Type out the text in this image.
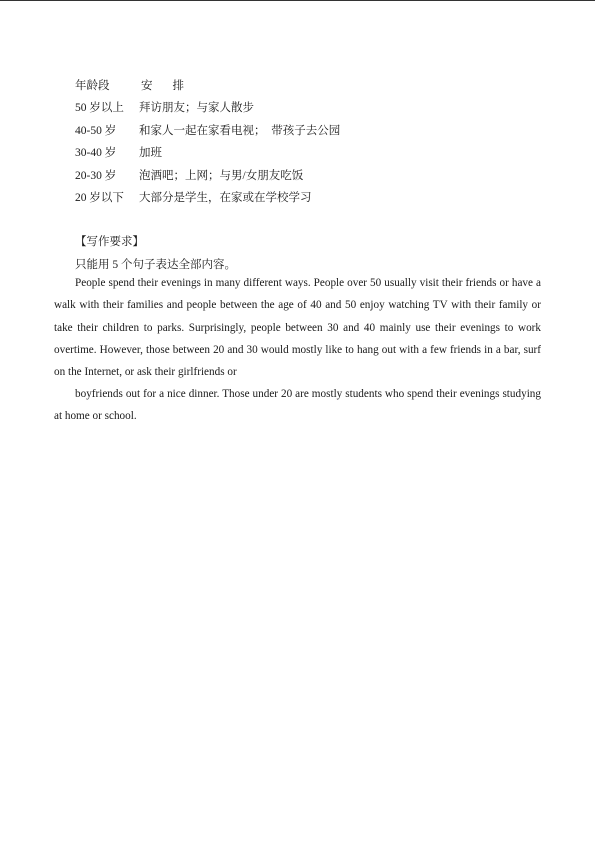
年龄段	安排
50 岁以上	拜访朋友；与家人散步
40-50 岁	和家人一起在家看电视；　带孩子去公园
30-40 岁	加班
20-30 岁	泡酒吧；上网；与男/女朋友吃饭
20 岁以下	大部分是学生，在家或在学校学习
【写作要求】
只能用 5 个句子表达全部内容。

People spend their evenings in many different ways. People over 50 usually visit their friends or have a walk with their families and people between the age of 40 and 50 enjoy watching TV with their family or take their children to parks. Surprisingly, people between 30 and 40 mainly use their evenings to work overtime. However, those between 20 and 30 would mostly like to hang out with a few friends in a bar, surf on the Internet, or ask their girlfriends or

boyfriends out for a nice dinner. Those under 20 are mostly students who spend their evenings studying at home or school.
